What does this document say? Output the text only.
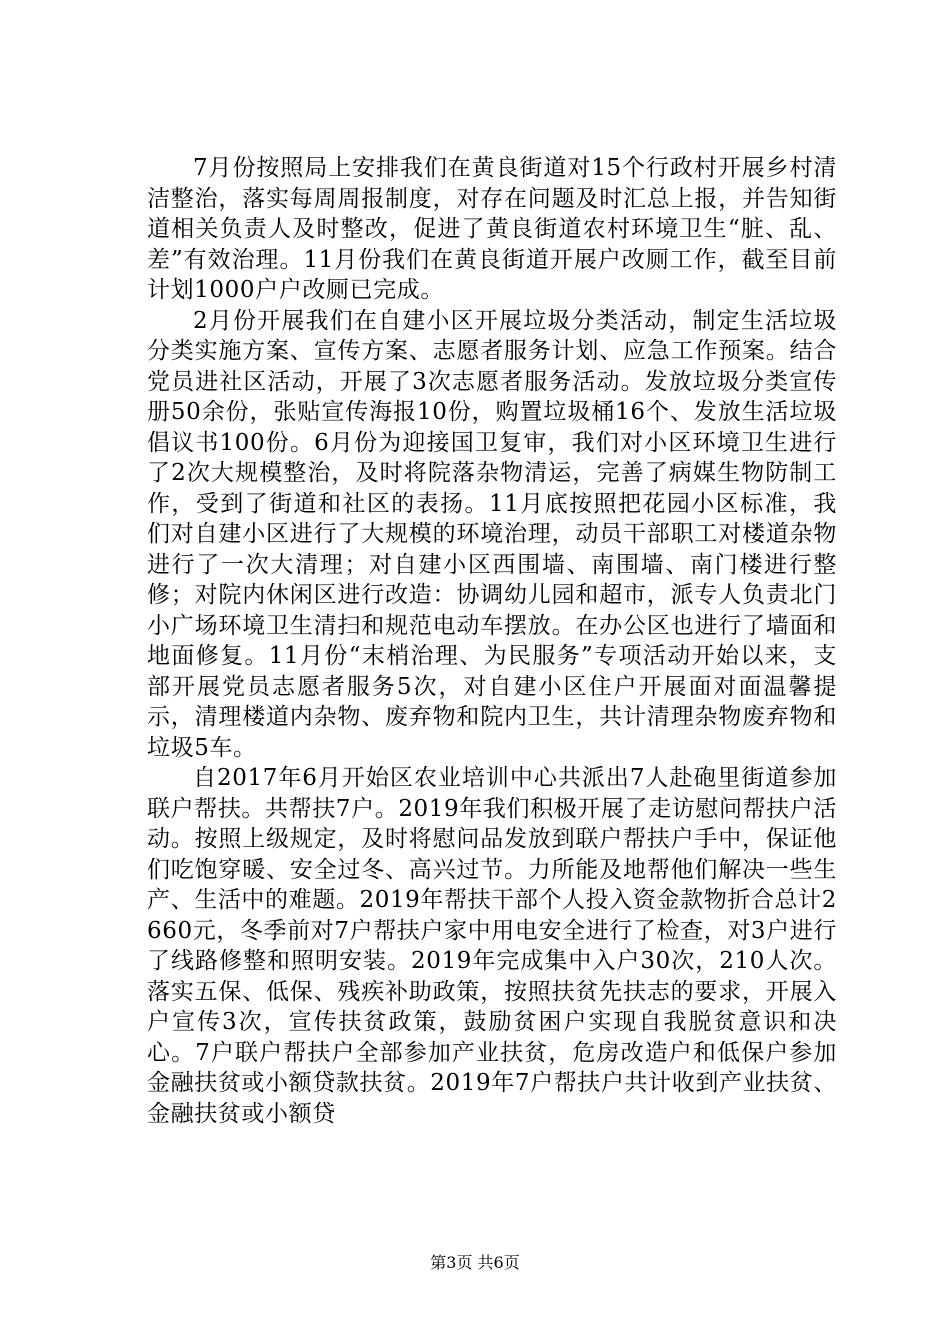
7月份按照局上安排我们在黄良街道对15个行政村开展乡村清洁整治，落实每周周报制度，对存在问题及时汇总上报，并告知街道相关负责人及时整改，促进了黄良街道农村环境卫生“脏、乱、差”有效治理。11月份我们在黄良街道开展户改厕工作，截至目前计划1000户户改厕已完成。

2月份开展我们在自建小区开展垃圾分类活动，制定生活垃圾分类实施方案、宣传方案、志愿者服务计划、应急工作预案。结合党员进社区活动，开展了3次志愿者服务活动。发放垃圾分类宣传册50余份，张贴宣传海报10份，购置垃圾桶16个、发放生活垃圾倡议书100份。6月份为迎接国卫复审，我们对小区环境卫生进行了2次大规模整治，及时将院落杂物清运，完善了病媒生物防制工作，受到了街道和社区的表扬。11月底按照把花园小区标准，我们对自建小区进行了大规模的环境治理，动员干部职工对楼道杂物进行了一次大清理；对自建小区西围墙、南围墙、南门楼进行整修；对院内休闲区进行改造：协调幼儿园和超市，派专人负责北门小广场环境卫生清扫和规范电动车摆放。在办公区也进行了墙面和地面修复。11月份“末梢治理、为民服务”专项活动开始以来，支部开展党员志愿者服务5次，对自建小区住户开展面对面温馨提示，清理楼道内杂物、废弃物和院内卫生，共计清理杂物废弃物和垃圾5车。

自2017年6月开始区农业培训中心共派出7人赴砲里街道参加联户帮扶。共帮扶7户。2019年我们积极开展了走访慰问帮扶户活动。按照上级规定，及时将慰问品发放到联户帮扶户手中，保证他们吃饱穿暖、安全过冬、高兴过节。力所能及地帮他们解决一些生产、生活中的难题。2019年帮扶干部个人投入资金款物折合总计2660元，冬季前对7户帮扶户家中用电安全进行了检查，对3户进行了线路修整和照明安装。2019年完成集中入户30次，210人次。落实五保、低保、残疾补助政策，按照扶贫先扶志的要求，开展入户宣传3次，宣传扶贫政策，鼓励贫困户实现自我脱贫意识和决心。7户联户帮扶户全部参加产业扶贫，危房改造户和低保户参加金融扶贫或小额贷款扶贫。2019年7户帮扶户共计收到产业扶贫、金融扶贫或小额贷

第3页 共6页
